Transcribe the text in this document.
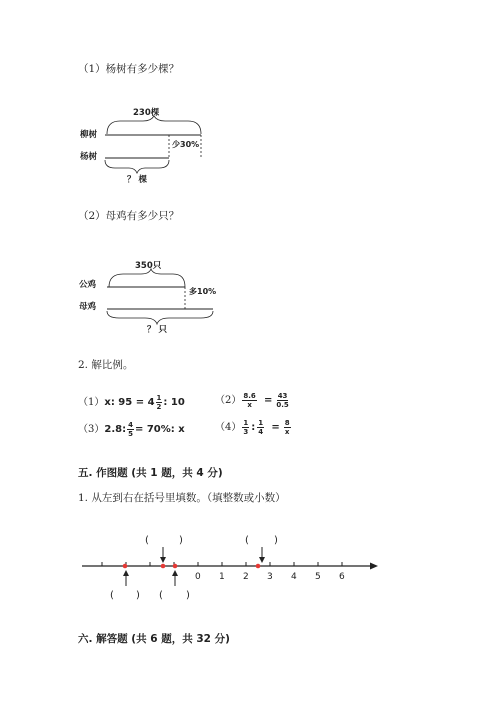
（1）杨树有多少棵？
230棵
柳树
少30%
杨树
？ 棵
（2）母鸡有多少只？
350只
公鸡
多10%
母鸡
？ 只
2. 解比例。
（1）x: $95 = 4 \frac{1}{2}$ : 10	$(2) \frac{8.6}{x} = \frac{43}{0.5}$
（3）2.8: $\frac{4}{5} = 70\%$: x	$(4) \frac{1}{3}$ : $\frac{1}{4} = \frac{8}{x}$
五. 作图题 (共 1 题，共 4 分)
1. 从左到右在括号里填数。（填整数或小数）
0 1 2 3 4 5 6
(	)	(	)
( ) ( )
六. 解答题 (共 6 题，共 32 分)
